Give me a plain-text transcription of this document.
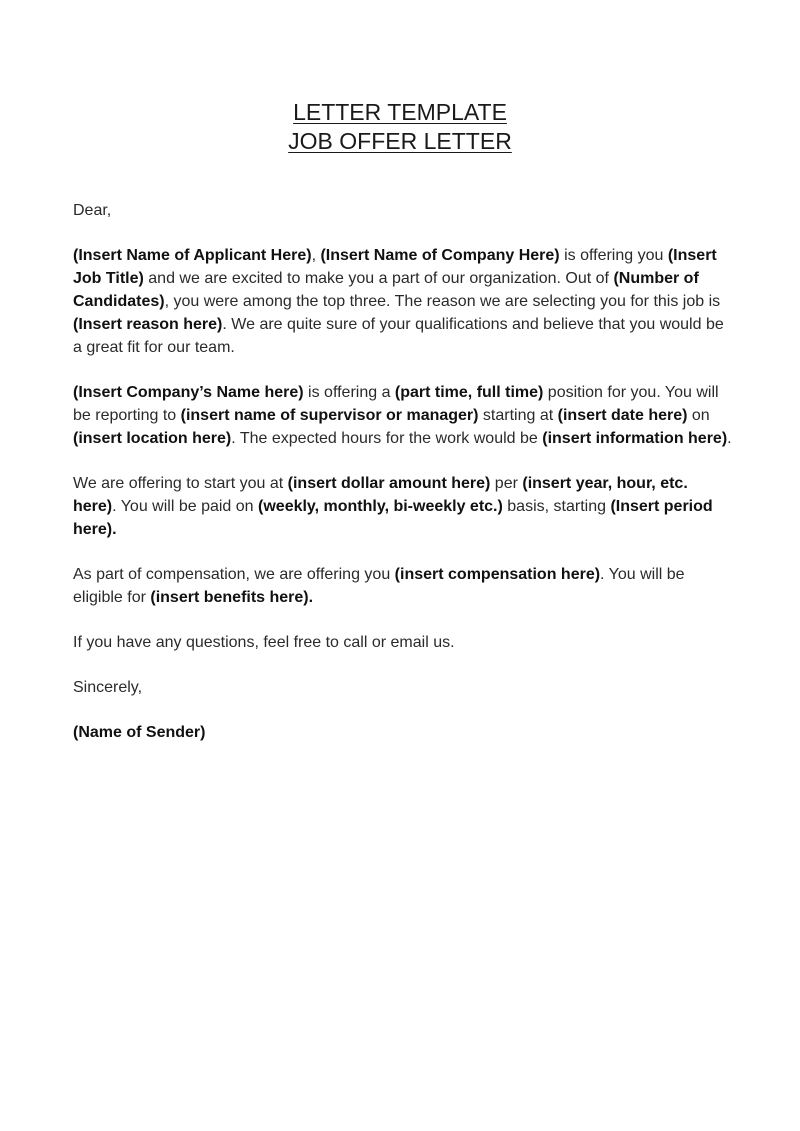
LETTER TEMPLATE
JOB OFFER LETTER

Dear,

(Insert Name of Applicant Here), (Insert Name of Company Here) is offering you (Insert Job Title) and we are excited to make you a part of our organization. Out of (Number of Candidates), you were among the top three. The reason we are selecting you for this job is (Insert reason here). We are quite sure of your qualifications and believe that you would be a great fit for our team.

(Insert Company’s Name here) is offering a (part time, full time) position for you. You will be reporting to (insert name of supervisor or manager) starting at (insert date here) on (insert location here). The expected hours for the work would be (insert information here).

We are offering to start you at (insert dollar amount here) per (insert year, hour, etc. here). You will be paid on (weekly, monthly, bi-weekly etc.) basis, starting (Insert period here).

As part of compensation, we are offering you (insert compensation here). You will be eligible for (insert benefits here).

If you have any questions, feel free to call or email us.

Sincerely,

(Name of Sender)
